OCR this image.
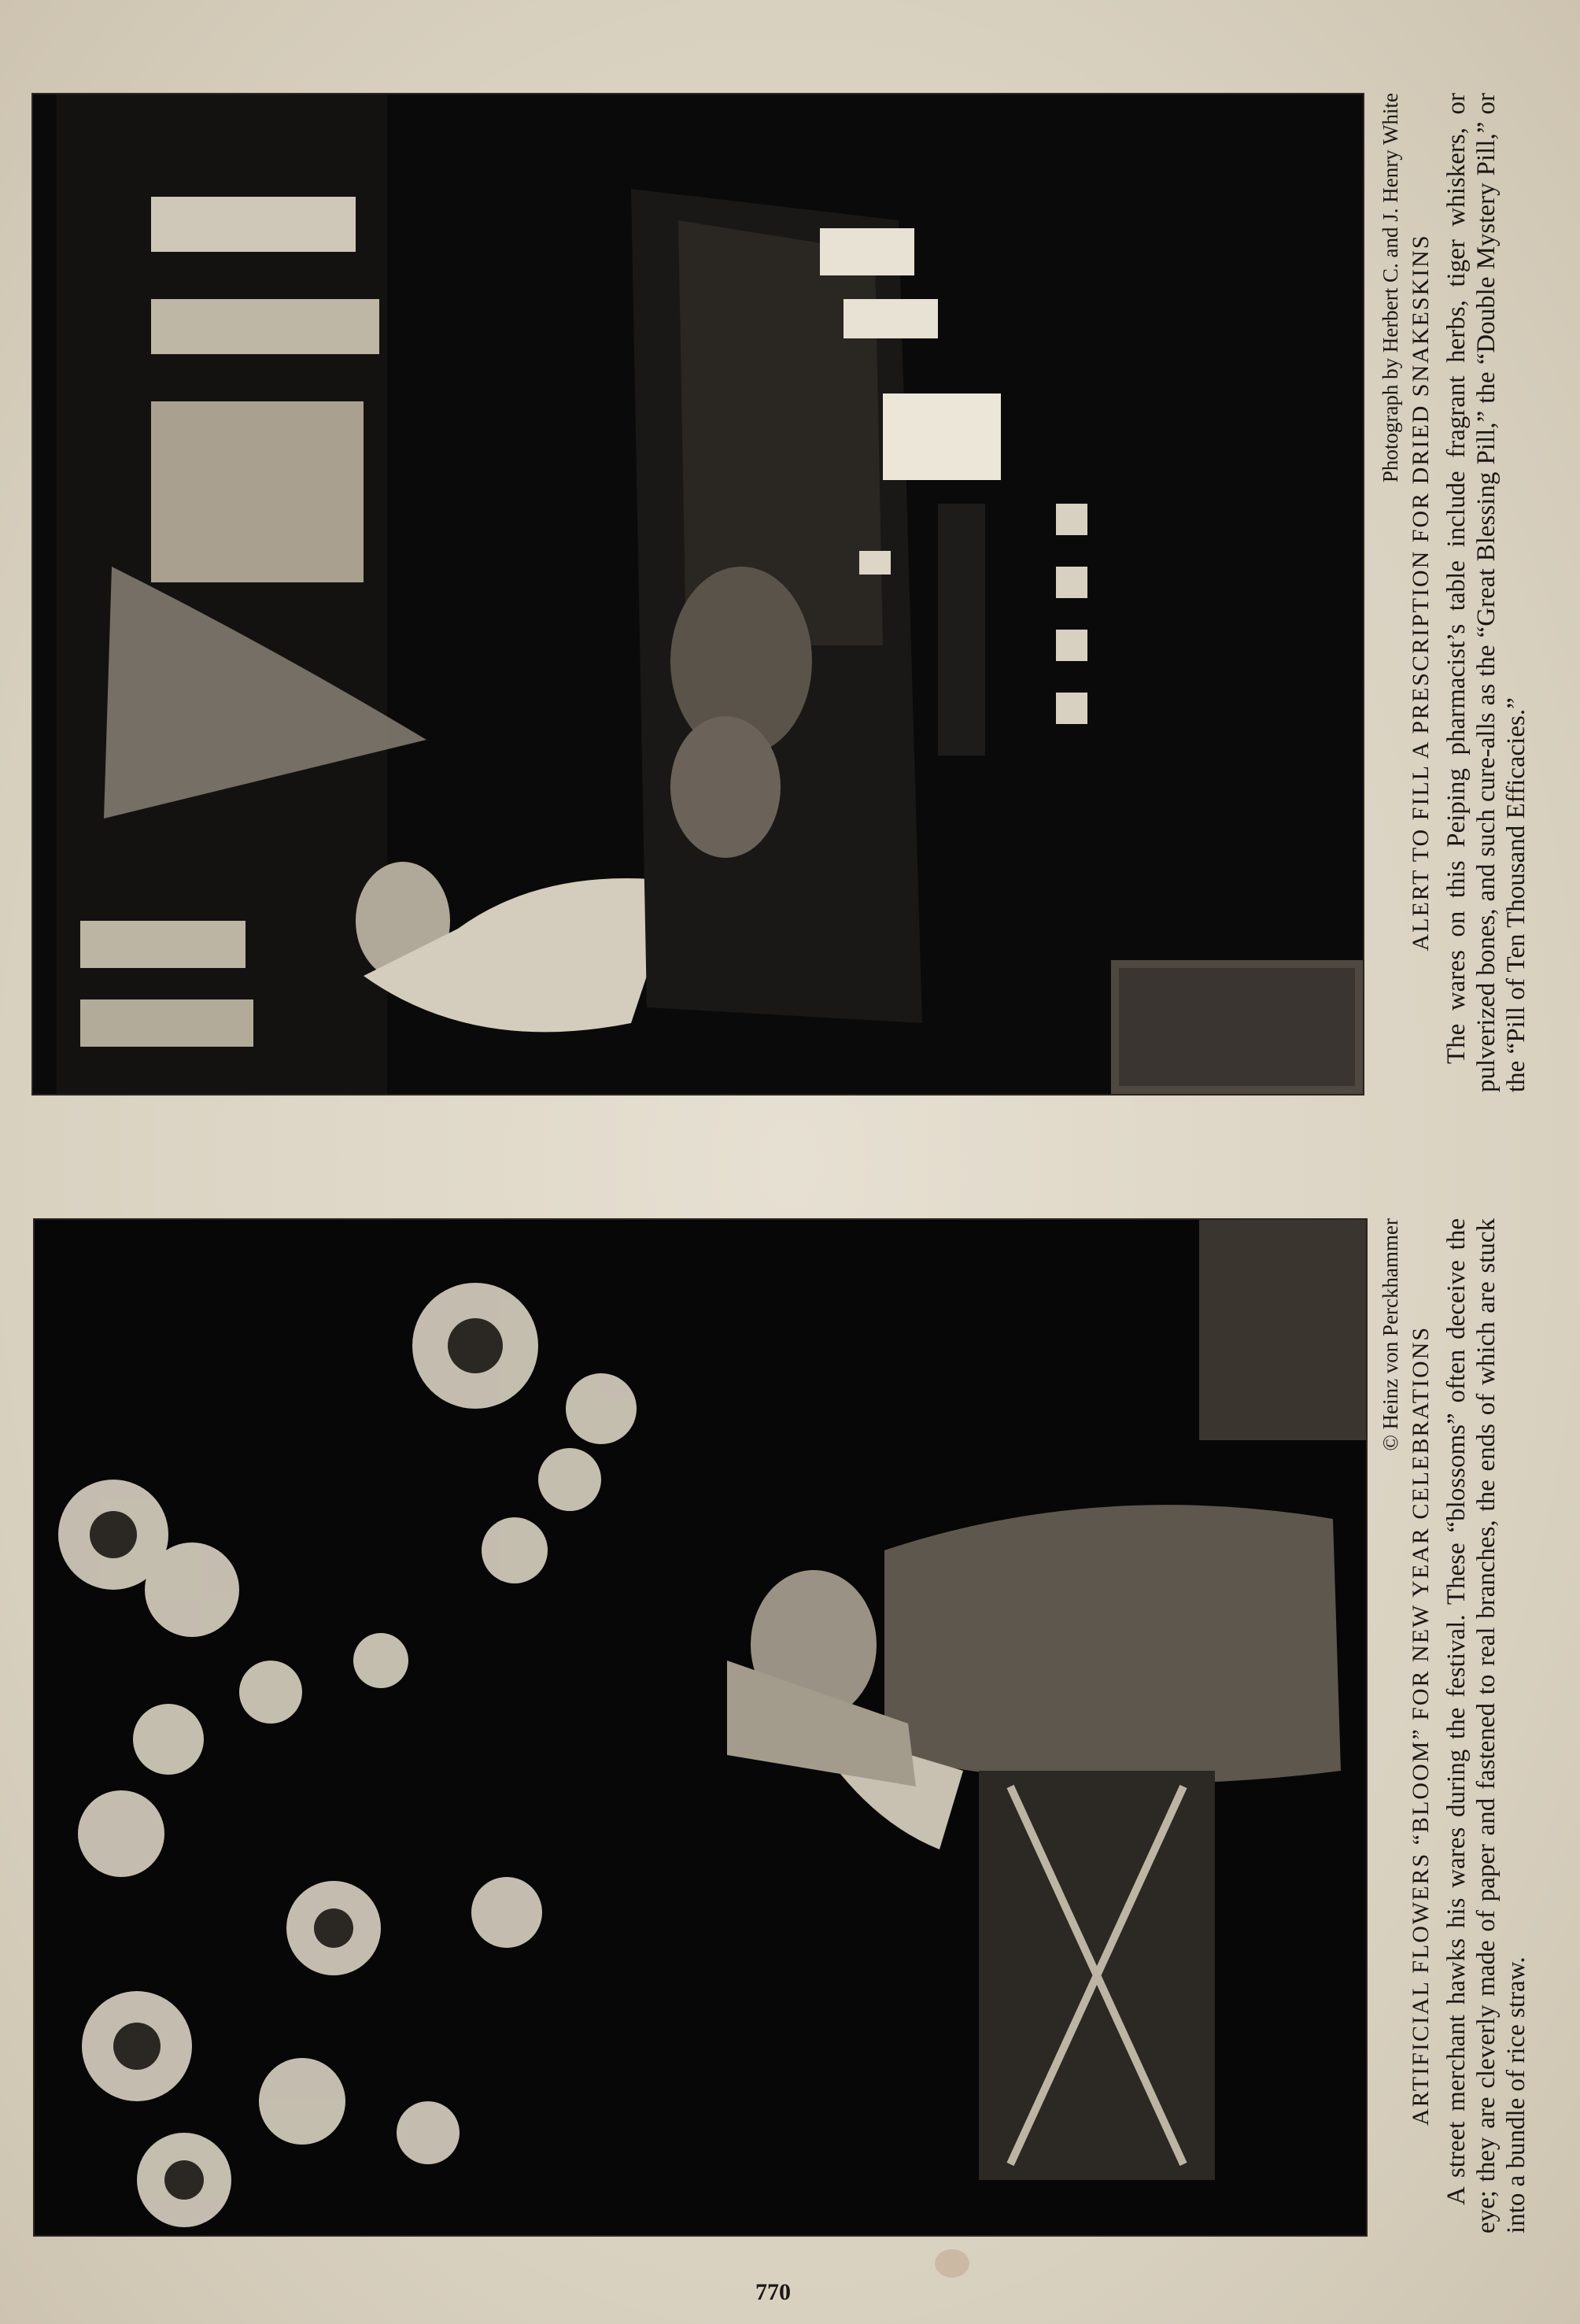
Photograph by Herbert C. and J. Henry White ALERT TO FILL A PRESCRIPTION FOR DRIED SNAKESKINS The wares on this Peiping pharmacist’s table include fragrant herbs, tiger whiskers, or pulverized bones, and such cure-alls as the “Great Blessing Pill,” the “Double Mystery Pill,” or the “Pill of Ten Thousand Efficacies.”

© Heinz von Perckhammer ARTIFICIAL FLOWERS “BLOOM” FOR NEW YEAR CELEBRATIONS A street merchant hawks his wares during the festival. These “blossoms” often deceive the eye; they are cleverly made of paper and fastened to real branches, the ends of which are stuck into a bundle of rice straw.

770
